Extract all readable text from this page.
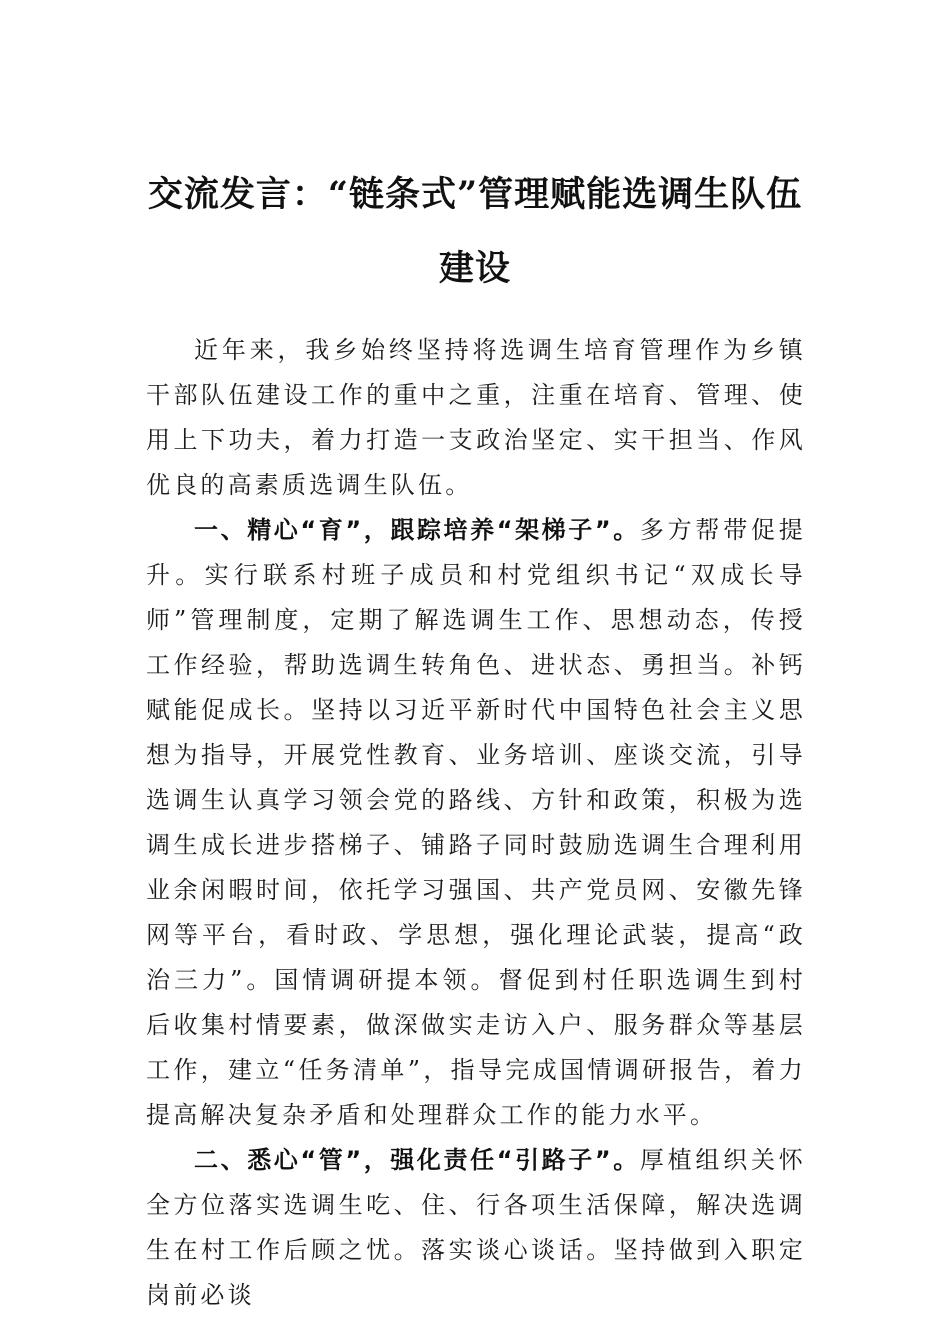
交流发言：“链条式”管理赋能选调生队伍建设

近年来，我乡始终坚持将选调生培育管理作为乡镇干部队伍建设工作的重中之重，注重在培育、管理、使用上下功夫，着力打造一支政治坚定、实干担当、作风优良的高素质选调生队伍。

一、精心“育”，跟踪培养“架梯子”。多方帮带促提升。实行联系村班子成员和村党组织书记“双成长导师”管理制度，定期了解选调生工作、思想动态，传授工作经验，帮助选调生转角色、进状态、勇担当。补钙赋能促成长。坚持以习近平新时代中国特色社会主义思想为指导，开展党性教育、业务培训、座谈交流，引导选调生认真学习领会党的路线、方针和政策，积极为选调生成长进步搭梯子、铺路子同时鼓励选调生合理利用业余闲暇时间，依托学习强国、共产党员网、安徽先锋网等平台，看时政、学思想，强化理论武装，提高“政治三力”。国情调研提本领。督促到村任职选调生到村后收集村情要素，做深做实走访入户、服务群众等基层工作，建立“任务清单”，指导完成国情调研报告，着力提高解决复杂矛盾和处理群众工作的能力水平。

二、悉心“管”，强化责任“引路子”。厚植组织关怀全方位落实选调生吃、住、行各项生活保障，解决选调生在村工作后顾之忧。落实谈心谈话。坚持做到入职定岗前必谈
